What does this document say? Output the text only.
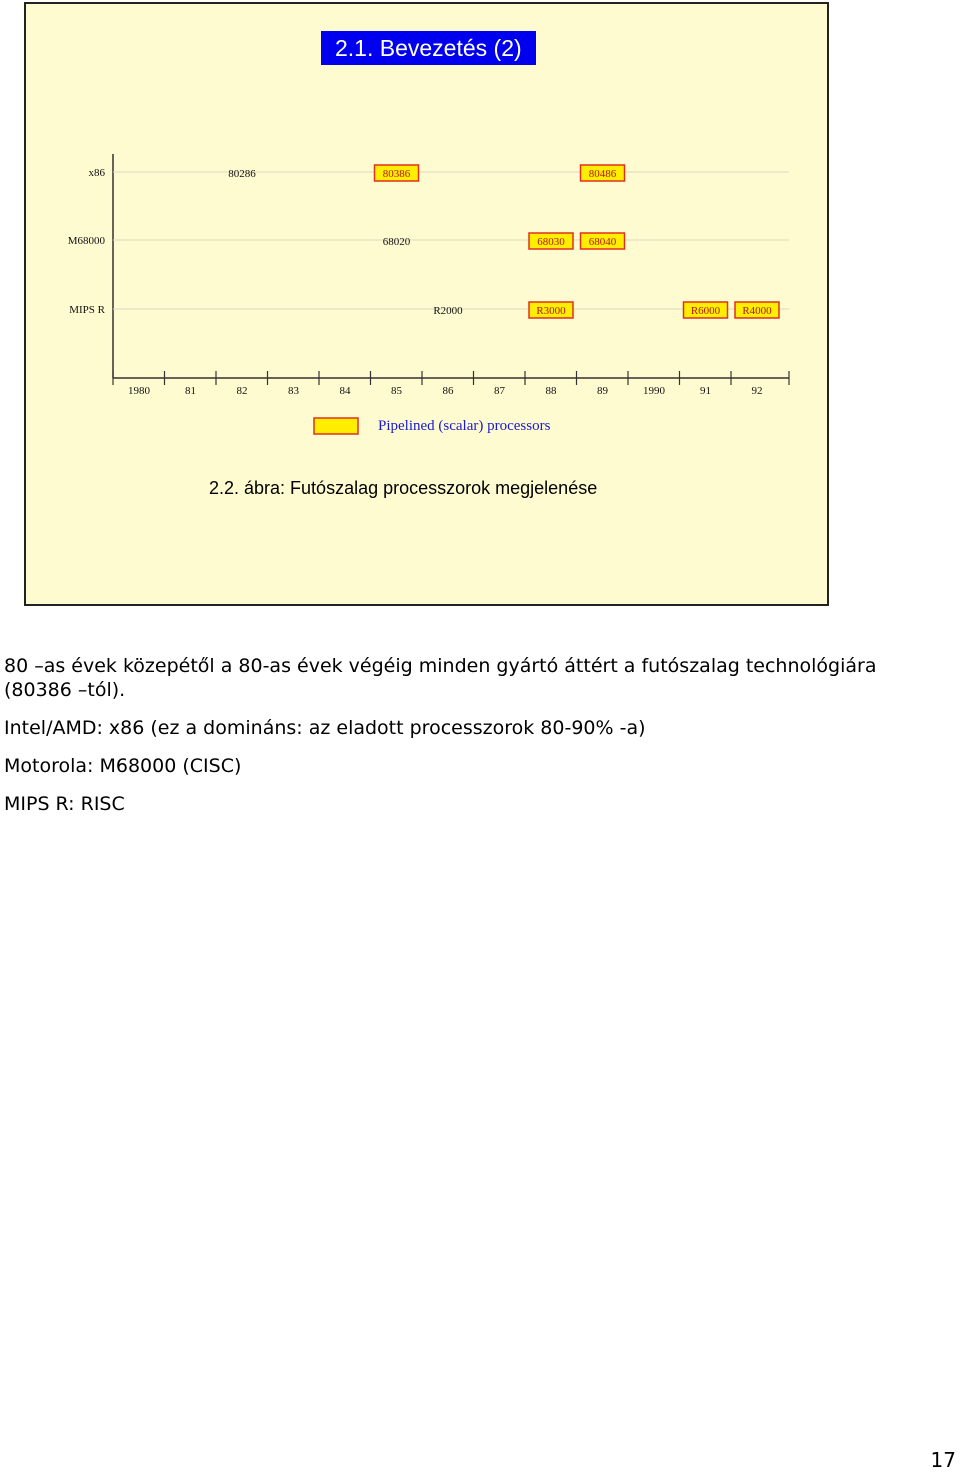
2.1. Bevezetés (2)
1980	81	82	83	84	85	86	87	88	89	1990	91	92
x86	80286	80386	80486
M68000	68020	68030 68040
MIPS R	R2000	R3000	R6000 R4000
Pipelined (scalar) processors
2.2. ábra: Futószalag processzorok megjelenése

80 –as évek közepétől a 80-as évek végéig minden gyártó áttért a futószalag technológiára (80386 –tól).

Intel/AMD: x86 (ez a domináns: az eladott processzorok 80-90% -a)

Motorola: M68000 (CISC)

MIPS R: RISC

17
